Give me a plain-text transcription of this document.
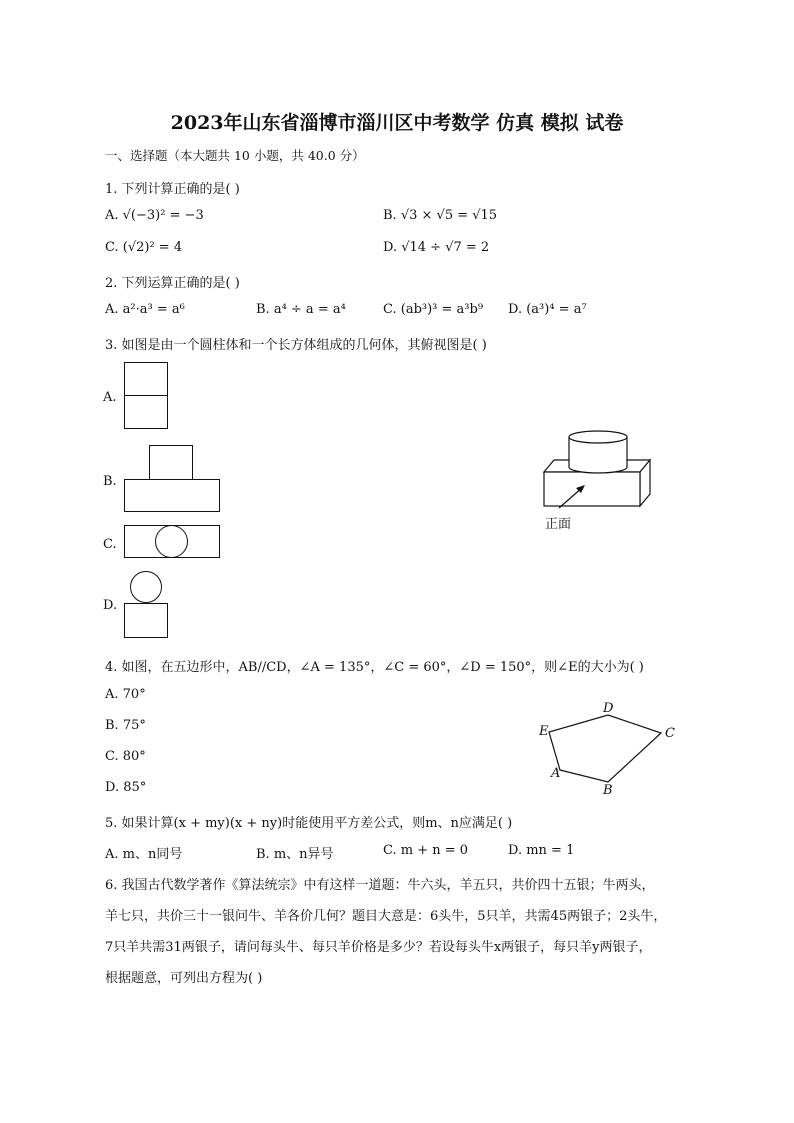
2023年山东省淄博市淄川区中考数学 仿真 模拟 试卷
一、选择题（本大题共 10 小题，共 40.0 分）
1. 下列计算正确的是( )
A. √(−3)² = −3	B. √3 × √5 = √15
C. (√2)² = 4	D. √14 ÷ √7 = 2
2. 下列运算正确的是( )
A. a²·a³ = a⁶	B. a⁴ ÷ a = a⁴	C. (ab³)³ = a³b⁹ D. (a³)⁴ = a⁷
3. 如图是由一个圆柱体和一个长方体组成的几何体，其俯视图是( )
A.
B.
C.
D.
正面
4. 如图，在五边形中，AB//CD，∠A = 135°，∠C = 60°，∠D = 150°，则∠E的大小为( )
A. 70°
B. 75°
C. 80°
D. 85°
A
B
C
D
E
5. 如果计算(x + my)(x + ny)时能使用平方差公式，则m、n应满足( )
A. m、n同号	B. m、n异号	C. m + n = 0	D. mn = 1
6. 我国古代数学著作《算法统宗》中有这样一道题：牛六头，羊五只，共价四十五银；牛两头，
羊七只，共价三十一银问牛、羊各价几何？题目大意是：6头牛，5只羊，共需45两银子；2头牛，
7只羊共需31两银子，请问每头牛、每只羊价格是多少？若设每头牛x两银子，每只羊y两银子，
根据题意，可列出方程为( )
